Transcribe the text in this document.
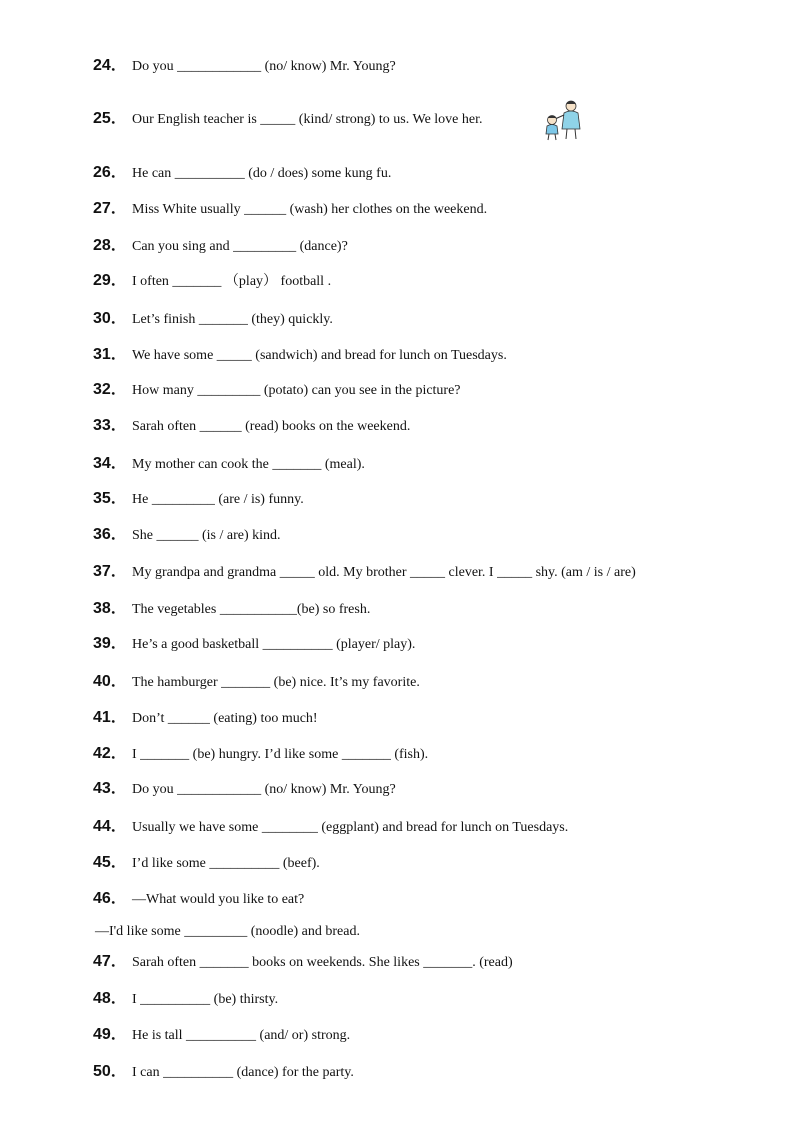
24． Do you ____________ (no/ know) Mr. Young?
25． Our English teacher is _____ (kind/ strong) to us. We love her.
26． He can __________ (do / does) some kung fu.
27． Miss White usually ______ (wash) her clothes on the weekend.
28． Can you sing and _________ (dance)?
29． I often _______ （play） football .
30． Let’s finish _______ (they) quickly.
31． We have some _____ (sandwich) and bread for lunch on Tuesdays.
32． How many _________ (potato) can you see in the picture?
33． Sarah often ______ (read) books on the weekend.
34． My mother can cook the _______ (meal).
35． He _________ (are / is) funny.
36． She ______ (is / are) kind.
37． My grandpa and grandma _____ old. My brother _____ clever. I _____ shy. (am / is / are)
38． The vegetables ___________(be) so fresh.
39． He’s a good basketball __________ (player/ play).
40． The hamburger _______ (be) nice. It’s my favorite.
41． Don’t ______ (eating) too much!
42． I _______ (be) hungry. I’d like some _______ (fish).
43． Do you ____________ (no/ know) Mr. Young?
44． Usually we have some ________ (eggplant) and bread for lunch on Tuesdays.
45． I’d like some __________ (beef).
46． —What would you like to eat?
—I'd like some _________ (noodle) and bread.
47． Sarah often _______ books on weekends. She likes _______. (read)
48． I __________ (be) thirsty.
49． He is tall __________ (and/ or) strong.
50． I can __________ (dance) for the party.
